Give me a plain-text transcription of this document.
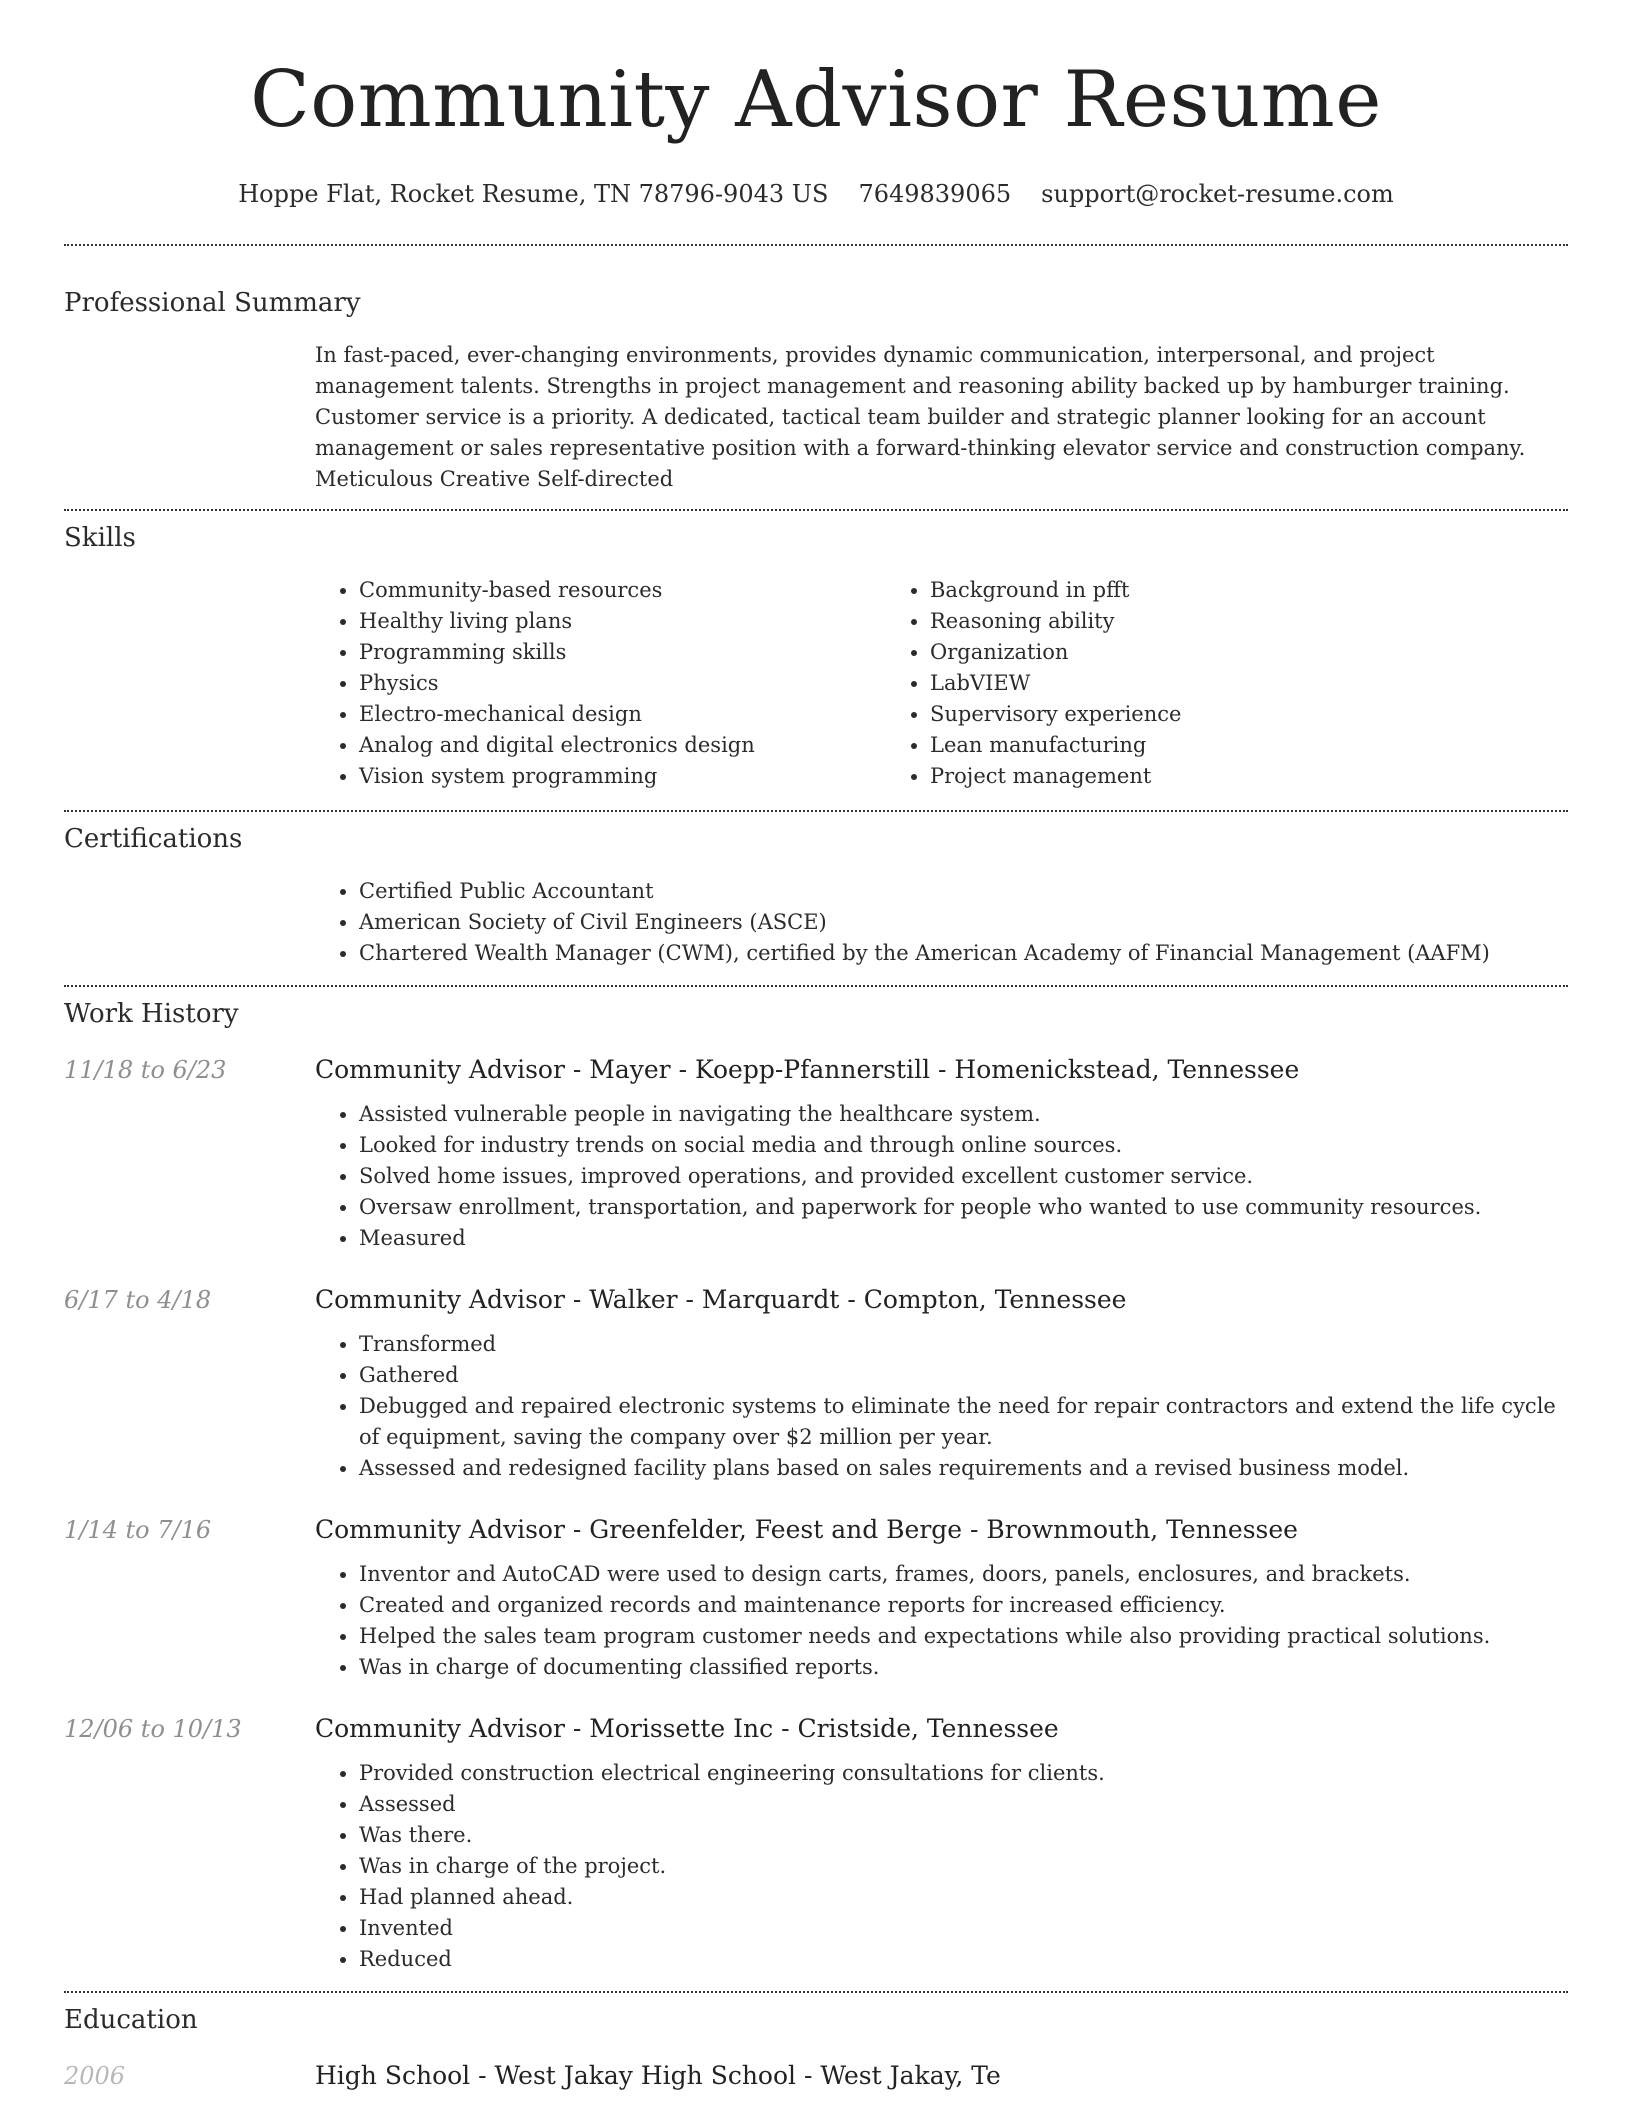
Community Advisor Resume
Hoppe Flat, Rocket Resume, TN 78796-9043 US 7649839065 support@rocket-resume.com
Professional Summary
In fast-paced, ever-changing environments, provides dynamic communication, interpersonal, and project management talents. Strengths in project management and reasoning ability backed up by hamburger training. Customer service is a priority. A dedicated, tactical team builder and strategic planner looking for an account management or sales representative position with a forward-thinking elevator service and construction company. Meticulous Creative Self-directed
Skills
• Community-based resources
• Healthy living plans
• Programming skills
• Physics
• Electro-mechanical design
• Analog and digital electronics design
• Vision system programming
• Background in pfft
• Reasoning ability
• Organization
• LabVIEW
• Supervisory experience
• Lean manufacturing
• Project management
Certifications
• Certified Public Accountant
• American Society of Civil Engineers (ASCE)
• Chartered Wealth Manager (CWM), certified by the American Academy of Financial Management (AAFM)
Work History
11/18 to 6/23	Community Advisor - Mayer - Koepp-Pfannerstill - Homenickstead, Tennessee
• Assisted vulnerable people in navigating the healthcare system.
• Looked for industry trends on social media and through online sources.
• Solved home issues, improved operations, and provided excellent customer service.
• Oversaw enrollment, transportation, and paperwork for people who wanted to use community resources.
• Measured
6/17 to 4/18	Community Advisor - Walker - Marquardt - Compton, Tennessee
• Transformed
• Gathered
• Debugged and repaired electronic systems to eliminate the need for repair contractors and extend the life cycle of equipment, saving the company over $2 million per year.
• Assessed and redesigned facility plans based on sales requirements and a revised business model.
1/14 to 7/16	Community Advisor - Greenfelder, Feest and Berge - Brownmouth, Tennessee
• Inventor and AutoCAD were used to design carts, frames, doors, panels, enclosures, and brackets.
• Created and organized records and maintenance reports for increased efficiency.
• Helped the sales team program customer needs and expectations while also providing practical solutions.
• Was in charge of documenting classified reports.
12/06 to 10/13	Community Advisor - Morissette Inc - Cristside, Tennessee
• Provided construction electrical engineering consultations for clients.
• Assessed
• Was there.
• Was in charge of the project.
• Had planned ahead.
• Invented
• Reduced
Education
2006	High School - West Jakay High School - West Jakay, Te
